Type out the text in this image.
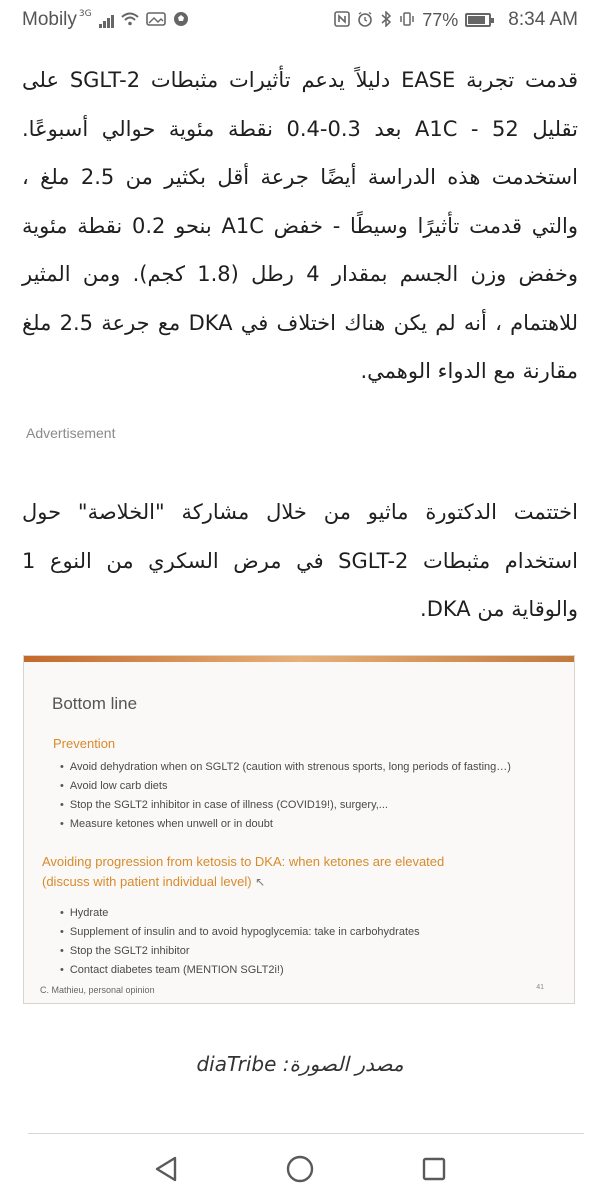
Mobily 3G	77%	8:34 AM

قدمت تجربة EASE دليلاً يدعم تأثيرات مثبطات SGLT-2 على تقليل A1C - 52 بعد 0.3-0.4 نقطة مئوية حوالي أسبوعًا. استخدمت هذه الدراسة أيضًا جرعة أقل بكثير من 2.5 ملغ ، والتي قدمت تأثيرًا وسيطًا - خفض A1C بنحو 0.2 نقطة مئوية وخفض وزن الجسم بمقدار 4 رطل (1.8 كجم). ومن المثير للاهتمام ، أنه لم يكن هناك اختلاف في DKA مع جرعة 2.5 ملغ مقارنة مع الدواء الوهمي.

Advertisement

اختتمت الدكتورة ماثيو من خلال مشاركة "الخلاصة" حول استخدام مثبطات SGLT-2 في مرض السكري من النوع 1 والوقاية من DKA.

Bottom line
Prevention
• Avoid dehydration when on SGLT2 (caution with strenous sports, long periods of fasting…)
• Avoid low carb diets
• Stop the SGLT2 inhibitor in case of illness (COVID19!), surgery,...
• Measure ketones when unwell or in doubt
Avoiding progression from ketosis to DKA: when ketones are elevated
(discuss with patient individual level) ↖
• Hydrate
• Supplement of insulin and to avoid hypoglycemia: take in carbohydrates
• Stop the SGLT2 inhibitor
• Contact diabetes team (MENTION SGLT2i!)
C. Mathieu, personal opinion	41
مصدر الصورة: diaTribe
